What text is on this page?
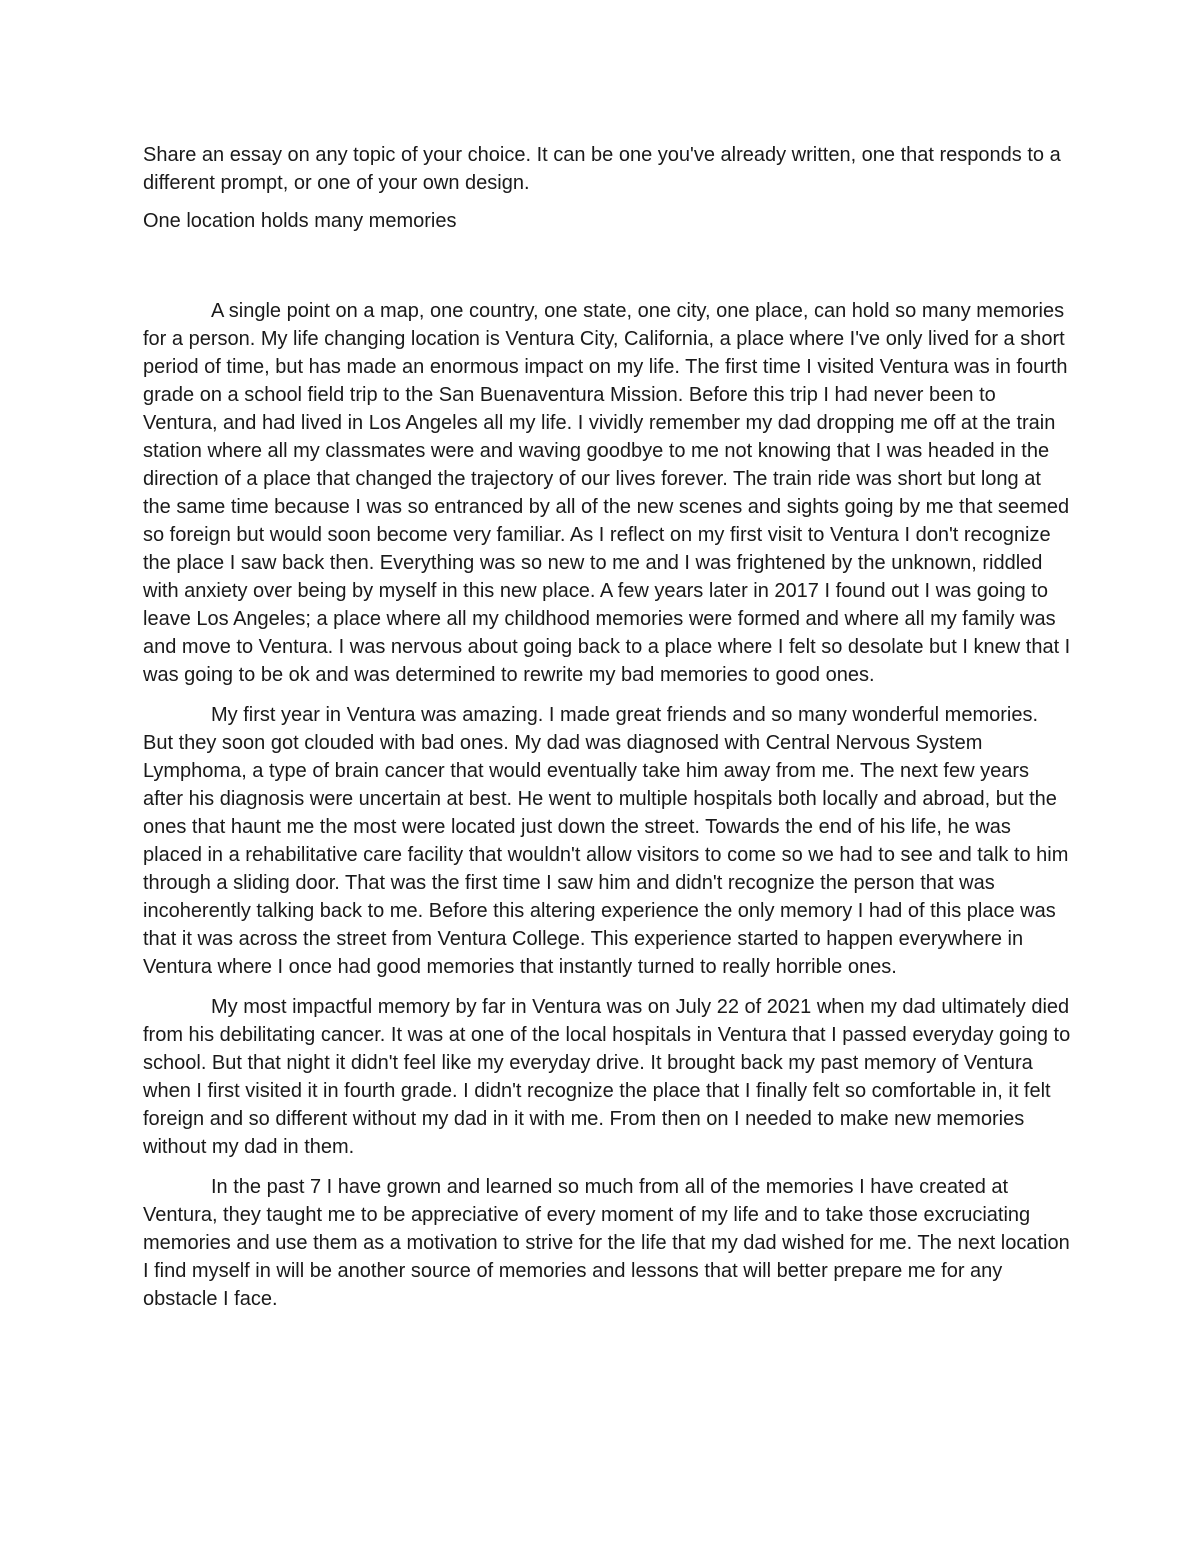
Share an essay on any topic of your choice. It can be one you've already written, one that responds to a different prompt, or one of your own design.

One location holds many memories

A single point on a map, one country, one state, one city, one place, can hold so many memories for a person. My life changing location is Ventura City, California, a place where I've only lived for a short period of time, but has made an enormous impact on my life. The first time I visited Ventura was in fourth grade on a school field trip to the San Buenaventura Mission. Before this trip I had never been to Ventura, and had lived in Los Angeles all my life. I vividly remember my dad dropping me off at the train station where all my classmates were and waving goodbye to me not knowing that I was headed in the direction of a place that changed the trajectory of our lives forever. The train ride was short but long at the same time because I was so entranced by all of the new scenes and sights going by me that seemed so foreign but would soon become very familiar. As I reflect on my first visit to Ventura I don't recognize the place I saw back then. Everything was so new to me and I was frightened by the unknown, riddled with anxiety over being by myself in this new place. A few years later in 2017 I found out I was going to leave Los Angeles; a place where all my childhood memories were formed and where all my family was and move to Ventura. I was nervous about going back to a place where I felt so desolate but I knew that I was going to be ok and was determined to rewrite my bad memories to good ones.

My first year in Ventura was amazing. I made great friends and so many wonderful memories. But they soon got clouded with bad ones. My dad was diagnosed with Central Nervous System Lymphoma, a type of brain cancer that would eventually take him away from me. The next few years after his diagnosis were uncertain at best. He went to multiple hospitals both locally and abroad, but the ones that haunt me the most were located just down the street. Towards the end of his life, he was placed in a rehabilitative care facility that wouldn't allow visitors to come so we had to see and talk to him through a sliding door. That was the first time I saw him and didn't recognize the person that was incoherently talking back to me. Before this altering experience the only memory I had of this place was that it was across the street from Ventura College. This experience started to happen everywhere in Ventura where I once had good memories that instantly turned to really horrible ones.

My most impactful memory by far in Ventura was on July 22 of 2021 when my dad ultimately died from his debilitating cancer. It was at one of the local hospitals in Ventura that I passed everyday going to school. But that night it didn't feel like my everyday drive. It brought back my past memory of Ventura when I first visited it in fourth grade. I didn't recognize the place that I finally felt so comfortable in, it felt foreign and so different without my dad in it with me. From then on I needed to make new memories without my dad in them.

In the past 7 I have grown and learned so much from all of the memories I have created at Ventura, they taught me to be appreciative of every moment of my life and to take those excruciating memories and use them as a motivation to strive for the life that my dad wished for me. The next location I find myself in will be another source of memories and lessons that will better prepare me for any obstacle I face.
